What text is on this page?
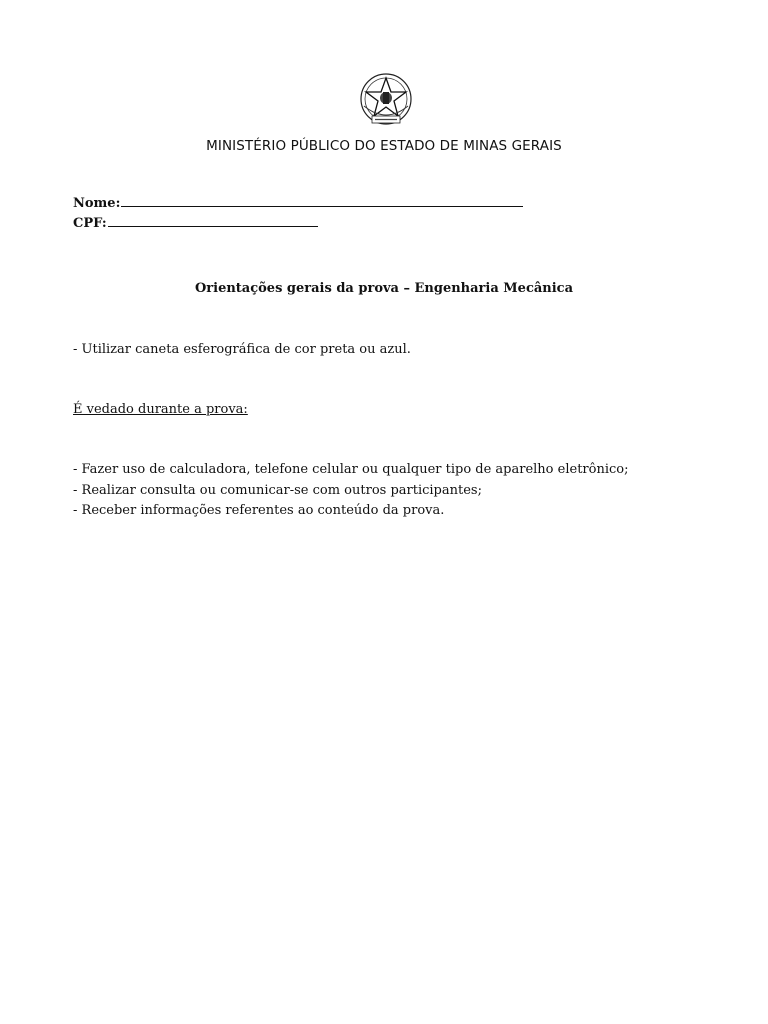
MINISTÉRIO PÚBLICO DO ESTADO DE MINAS GERAIS
Nome:
CPF:
Orientações gerais da prova – Engenharia Mecânica
- Utilizar caneta esferográfica de cor preta ou azul.
É vedado durante a prova:
- Fazer uso de calculadora, telefone celular ou qualquer tipo de aparelho eletrônico;
- Realizar consulta ou comunicar-se com outros participantes;
- Receber informações referentes ao conteúdo da prova.
